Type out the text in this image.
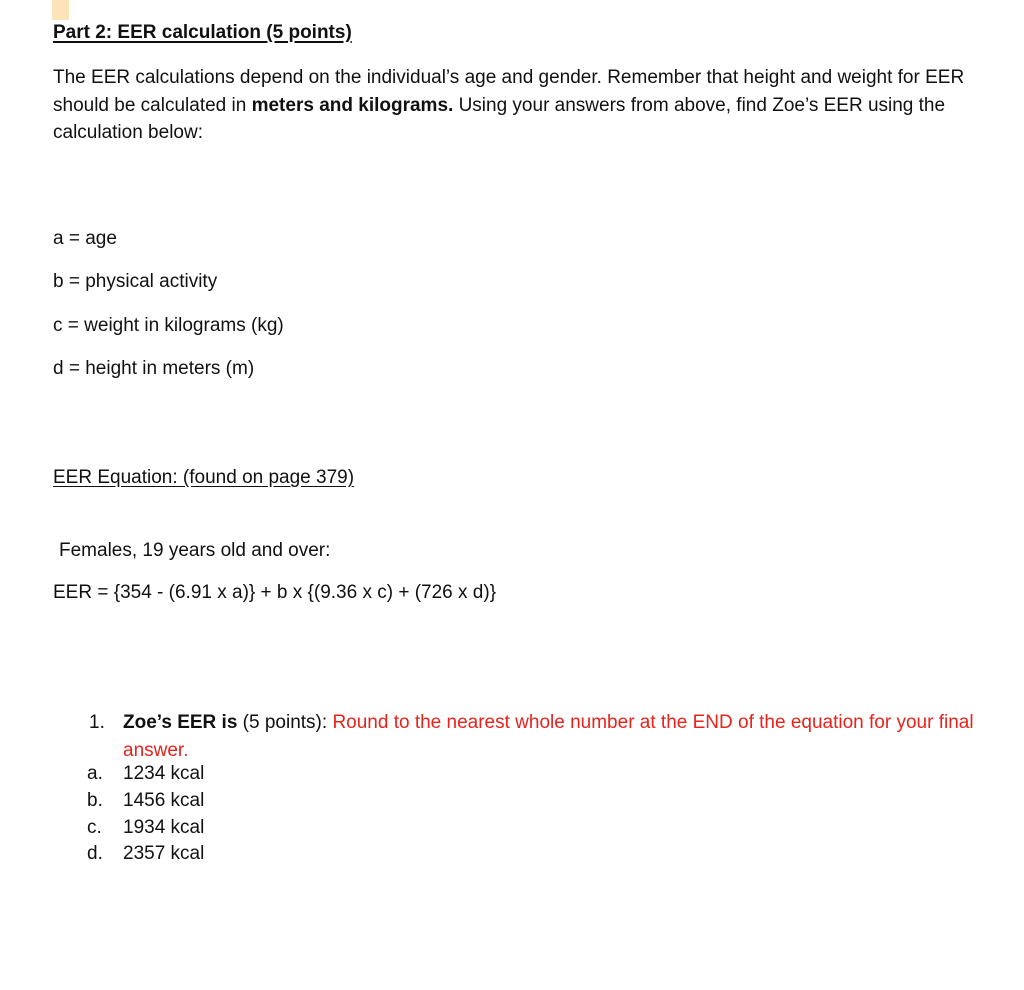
Part 2: EER calculation (5 points)
The EER calculations depend on the individual’s age and gender. Remember that height and weight for EER should be calculated in meters and kilograms. Using your answers from above, find Zoe’s EER using the calculation below:
a = age
b = physical activity
c = weight in kilograms (kg)
d = height in meters (m)
EER Equation: (found on page 379)
Females, 19 years old and over:
EER = {354 - (6.91 x a)} + b x {(9.36 x c) + (726 x d)}
1. Zoe’s EER is (5 points): Round to the nearest whole number at the END of the equation for your final answer.
a. 1234 kcal
b. 1456 kcal
c. 1934 kcal
d. 2357 kcal
